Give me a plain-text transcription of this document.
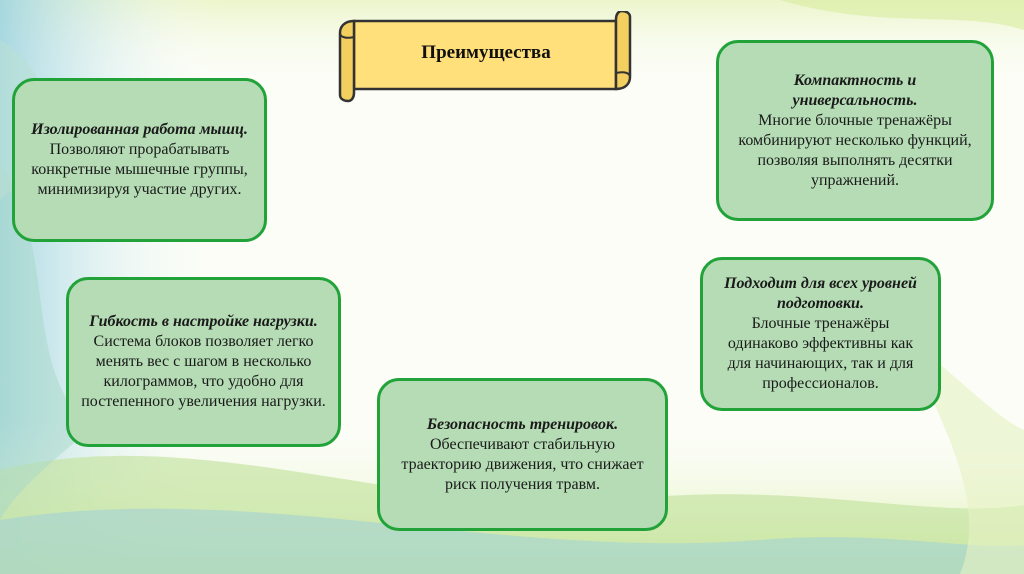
Преимущества
Изолированная работа мышц.
Позволяют прорабатывать конкретные мышечные группы, минимизируя участие других.
Компактность и универсальность.
Многие блочные тренажёры комбинируют несколько функций, позволяя выполнять десятки упражнений.
Гибкость в настройке нагрузки.
Система блоков позволяет легко менять вес с шагом в несколько килограммов, что удобно для постепенного увеличения нагрузки.
Подходит для всех уровней подготовки.
Блочные тренажёры одинаково эффективны как для начинающих, так и для профессионалов.
Безопасность тренировок.
Обеспечивают стабильную траекторию движения, что снижает риск получения травм.
